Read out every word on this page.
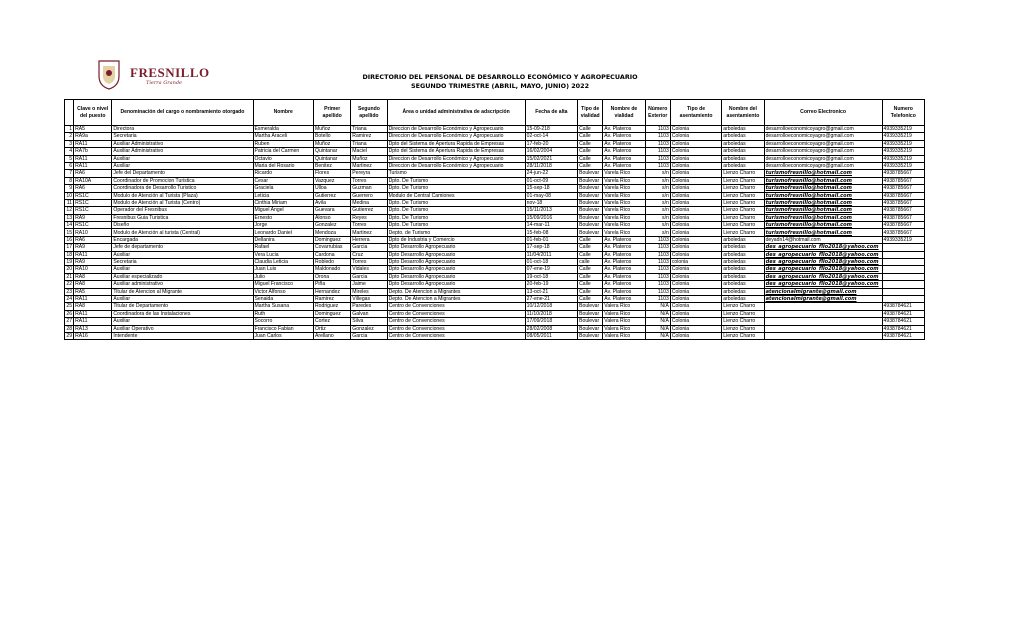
FRESNILLO
Tierra Grande
DIRECTORIO DEL PERSONAL DE DESARROLLO ECONÓMICO Y AGROPECUARIO
SEGUNDO TRIMESTRE (ABRIL, MAYO, JUNIO) 2022
	Clave o nivel del puesto	Denominación del cargo o nombramiento otorgado	Nombre	Primer apellido	Segundo apellido	Área o unidad administrativa de adscripción	Fecha de alta	Tipo de vialidad	Nombre de vialidad	Número Exterior	Tipo de asentamiento	Nombre del asentamiento	Correo Electronico	Numero Telefonico
1	RA5	Directora	Esmeralda	Muñoz	Triana	Direccion de Desarrollo Económico y Agropecuario	15-09-218	Calle	Av. Plateros	1103	Colonia	arboledas	desarrolloeconomicoyagro@gmail.com	4939335219
2	RA9a	Secretaria	Martha Araceli	Botello	Ramirez	Direccion de Desarrollo Económico y Agropecuario	02-oct-14	Calle	Av. Plateros	1103	Colonia	arboledas	desarrolloeconomicoyagro@gmail.com	4939335219
3	RA11	Auxiliar Administrativo	Ruben	Muñoz	Triana	Dpto del Sistema de Apertura Rapida de Empresas	17-feb-20	Calle	Av. Plateros	1103	Colonia	arboledas	desarrolloeconomicoyagro@gmail.com	4939335219
4	RA7b	Auxiliar Administrativo	Patricia del Carmen	Quintanar	Maciel	Dpto del Sistema de Apertura Rapida de Empresas	16/02/2004	Calle	Av. Plateros	1103	Colonia	arboledas	desarrolloeconomicoyagro@gmail.com	4939335219
5	RA11	Auxiliar	Octavio	Quintanar	Muñoz	Direccion de Desarrollo Económico y Agropecuario	15/02/2021	Calle	Av. Plateros	1103	Colonia	arboledas	desarrolloeconomicoyagro@gmail.com	4939335219
6	RA11	Auxiliar	Maria del Rosario	Benitez	Martinez	Direccion de Desarrollo Económico y Agropecuario	28/11/2018	Calle	Av. Plateros	1103	Colonia	arboledas	desarrolloeconomicoyagro@gmail.com	4939335219
7	RA6	Jefe del Departamento	Ricardo	Flores	Pereyra	Turismo	24-jun-22	Boulevar	Varela Rico	s/n	Colonia	Lienzo Charro	turismofresnillo@hotmail.com	4938785667
8	RA10A	Coordinador de Promocion Turistica	Cesar	Vazquez	Torres	Dpto. De Turismo	01-oct-09	Boulevar	Varela Rico	s/n	Colonia	Lienzo Charro	turismofresnillo@hotmail.com	4938785667
9	RA6	Coordinadora de Desarrollo Turistico	Graciela	Ulloa	Guzman	Dpto. De Turismo	15-sep-18	Boulevar	Varela Rico	s/n	Colonia	Lienzo Charro	turismofresnillo@hotmail.com	4938785667
10	RS1C	Modulo de Atención al Turista (Plaza)	Leticia	Gutierrez	Guerrero	Modulo de Central Camiones	01-may-08	Boulevar	Varela Rico	s/n	Colonia	Lienzo Charro	turismofresnillo@hotmail.com	4938785667
11	RS1C	Modulo de Atención al Turista (Centro)	Cinthia Miriam	Avila	Medina	Dpto. De Turismo	nov-18	Boulevar	Varela Rico	s/n	Colonia	Lienzo Charro	turismofresnillo@hotmail.com	4938785667
12	RS1C	Operador del Fresnibus	Miguel Angel	Guevara	Gutierrez	Dpto. De Turismo	15/11/2013	Boulevar	Varela Rico	s/n	Colonia	Lienzo Charro	turismofresnillo@hotmail.com	4938785667
13	RA9	Fresnibus Guia Turistica	Ernesto	Alonso	Reyes	Dpto. De Turismo	15/09/2016	Boulevar	Varela Rico	s/n	Colonia	Lienzo Charro	turismofresnillo@hotmail.com	4938785667
14	RS1C	Diseño	Jorge	Gonzalez	Torres	Dpto. De Turismo	14-mar-11	Boulevar	Varela Rico	s/n	Colonia	Lienzo Charro	turismofresnillo@hotmail.com	4938785667
15	RA10	Modulo de Atención al turista (Central)	Leonardo Daniel	Mendoza	Martinez	Depto. de Turismo	15-feb-08	Boulevar	Varela Rico	s/n	Colonia	Lienzo Charro	turismofresnillo@hotmail.com	4938785667
16	RA6	Encargada	Dellanira	Dominguez	Herrera	Dpto de Industria y Comercio	01-feb-01	Calle	Av. Plateros	1103	Colonia	arboledas	deyadn14@hotmail.com	4939335219
17	RA9	Jefe de departamento	Rafael	Covarrubias	Garcia	Dpto Desarrollo Agropecuario	17-sep-18	Calle	Av. Plateros	1103	Colonia	arboledas	des_agropecuario_fllo2018@yahoo.com	
18	RA11	Auxiliar	Vera Lucia	Cardona	Cruz	Dpto Desarrollo Agropecuario	11/04/2011	Calle	Av. Plateros	1103	Colonia	arboledas	des_agropecuario_fllo2018@yahoo.com	
19	RA9	Secretaria	Claudia Leticia	Robledo	Torres	Dpto Desarrollo Agropecuario	01-oct-18	calle	Av. Plateros	1103	colonia	arboledas	des_agropecuario_fllo2018@yahoo.com	
20	RA10	Auxiliar	Juan Luis	Maldonado	Vidales	Dpto Desarrollo Agropecuario	07-ene-19	Calle	Av. Plateros	1103	Colonia	arboledas	des_agropecuario_fllo2018@yahoo.com	
21	RA8	Auxiliar especializado	Julio	Orona	Garcia	Dpto Desarrollo Agropecuario	19-oct-18	Calle	Av. Plateros	1103	Colonia	arboledas	des_agropecuario_fllo2018@yahoo.com	
22	RA8	Auxiliar administrativo	Miguel Francisco	Piña	Jaime	Dpto Desarrollo Agropecuario	20-feb-19	Calle	Av. Plateros	1103	Colonia	arboledas	des_agropecuario_fllo2018@yahoo.com	
23	RA5	Titular de Atencion al Migrante	Victor Alfonso	Hernandez	Mireles	Depto. De Atencion a Migrantes	13-oct-21	Calle	Av. Plateros	1103	Colonia	arboledas	atencionalmigrante@gmail.com	
24	RA11	Auxiliar	Senaida	Ramirez	Villegas	Depto. De Atencion a Migrantes	27-ene-21	Calle	Av. Plateros	1103	Colonia	arboledas	atencionalmigrante@gmail.com	
25	RA8	Titular de Departamento	Martha Susana	Rodriguez	Paredes	Centro de Convenciones	10/12/2018	Boulevar	Valera Rico	N/A	Colonia	Lienzo Charro		4938784621
26	RA11	Coordinadora de las Instalaciones	Ruth	Dominguez	Galvan	Centro de Convenciones	11/10/2018	Boulevar	Valera Rico	N/A	Colonia	Lienzo Charro		4938784621
27	RA11	Auxiliar	Socorro	Cortez	Silva	Centro de Convenciones	17/09/2018	Boulevar	Valera Rico	N/A	Colonia	Lienzo Charro		4938784621
28	RA13	Auxiliar Operativo	Francisco Fabian	Ortiz	Gonzalez	Centro de Convenciones	28/02/2008	Boulevar	Valera Rico	N/A	Colonia	Lienzo Charro		4938784621
29	RA16	Intendente	Juan Carlos	Arellano	Garcia	Centro de Convenciones	08/05/2011	Boulevar	Valera Rico	N/A	Colonia	Lienzo Charro		4938784621
